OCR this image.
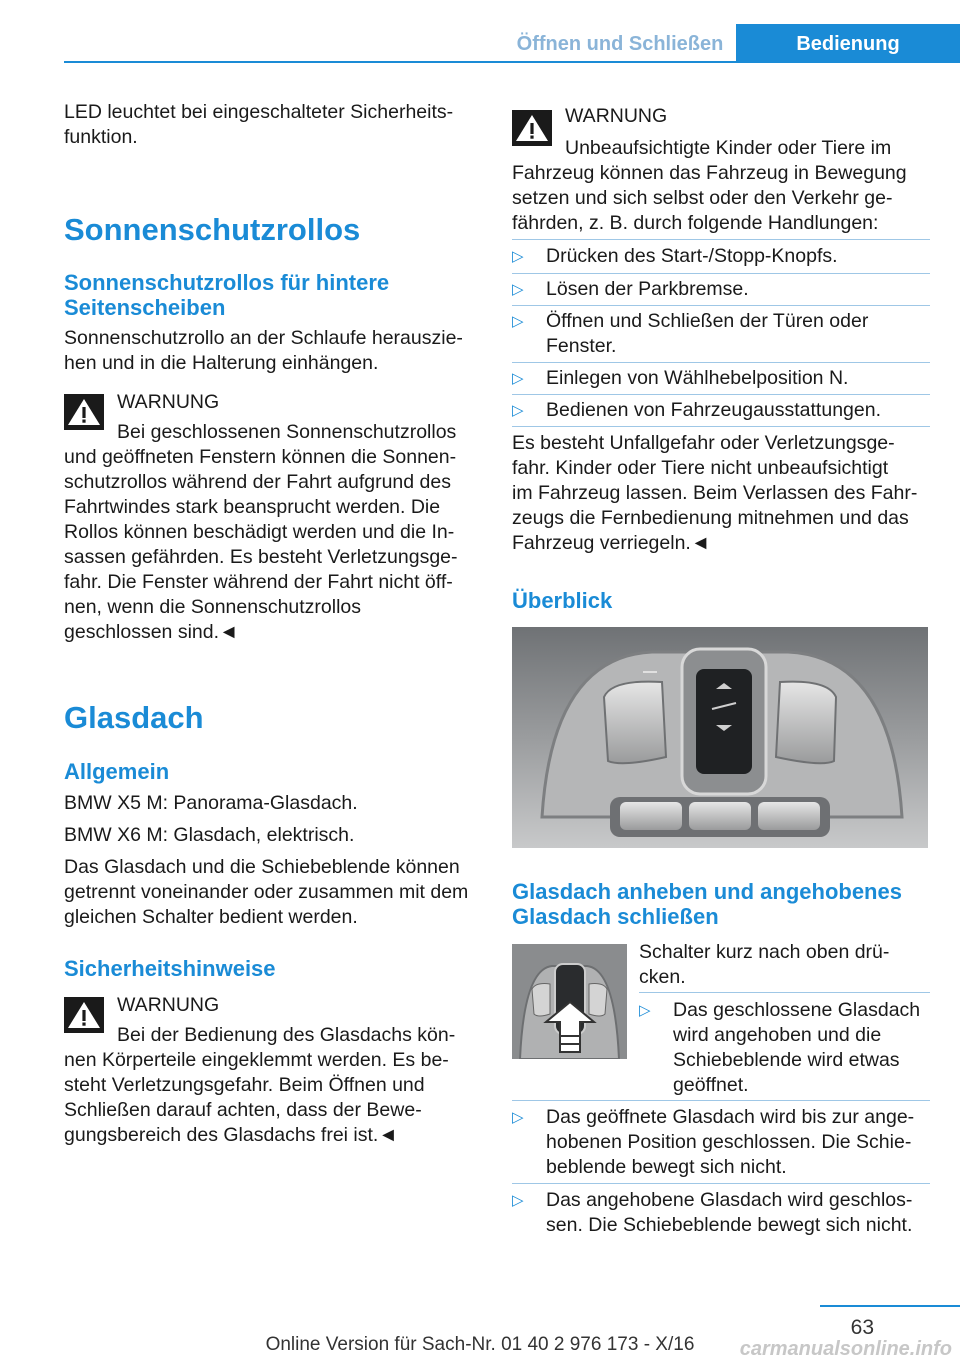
Öffnen und Schließen	Bedienung
LED leuchtet bei eingeschalteter Sicherheits-
funktion.
Sonnenschutzrollos
Sonnenschutzrollos für hintere Seitenscheiben
Sonnenschutzrollo an der Schlaufe herauszie-
hen und in die Halterung einhängen.
WARNUNG
Bei geschlossenen Sonnenschutzrollos
und geöffneten Fenstern können die Sonnen-
schutzrollos während der Fahrt aufgrund des
Fahrtwindes stark beansprucht werden. Die
Rollos können beschädigt werden und die In-
sassen gefährden. Es besteht Verletzungsge-
fahr. Die Fenster während der Fahrt nicht öff-
nen, wenn die Sonnenschutzrollos
geschlossen sind.◄
Glasdach
Allgemein
BMW X5 M: Panorama-Glasdach.
BMW X6 M: Glasdach, elektrisch.
Das Glasdach und die Schiebeblende können
getrennt voneinander oder zusammen mit dem
gleichen Schalter bedient werden.
Sicherheitshinweise
WARNUNG
Bei der Bedienung des Glasdachs kön-
nen Körperteile eingeklemmt werden. Es be-
steht Verletzungsgefahr. Beim Öffnen und
Schließen darauf achten, dass der Bewe-
gungsbereich des Glasdachs frei ist.◄
WARNUNG
Unbeaufsichtigte Kinder oder Tiere im
Fahrzeug können das Fahrzeug in Bewegung
setzen und sich selbst oder den Verkehr ge-
fährden, z. B. durch folgende Handlungen:
▷ Drücken des Start-/Stopp-Knopfs.
▷ Lösen der Parkbremse.
▷ Öffnen und Schließen der Türen oder
Fenster.
▷ Einlegen von Wählhebelposition N.
▷ Bedienen von Fahrzeugausstattungen.
Es besteht Unfallgefahr oder Verletzungsge-
fahr. Kinder oder Tiere nicht unbeaufsichtigt
im Fahrzeug lassen. Beim Verlassen des Fahr-
zeugs die Fernbedienung mitnehmen und das
Fahrzeug verriegeln.◄
Überblick
Glasdach anheben und angehobenes
Glasdach schließen
Schalter kurz nach oben drü-
cken.
▷ Das geschlossene Glasdach
wird angehoben und die
Schiebeblende wird etwas
geöffnet.
▷ Das geöffnete Glasdach wird bis zur ange-
hobenen Position geschlossen. Die Schie-
beblende bewegt sich nicht.
▷ Das angehobene Glasdach wird geschlos-
sen. Die Schiebeblende bewegt sich nicht.
63
Online Version für Sach-Nr. 01 40 2 976 173 - X/16	carmanualsonline.info
